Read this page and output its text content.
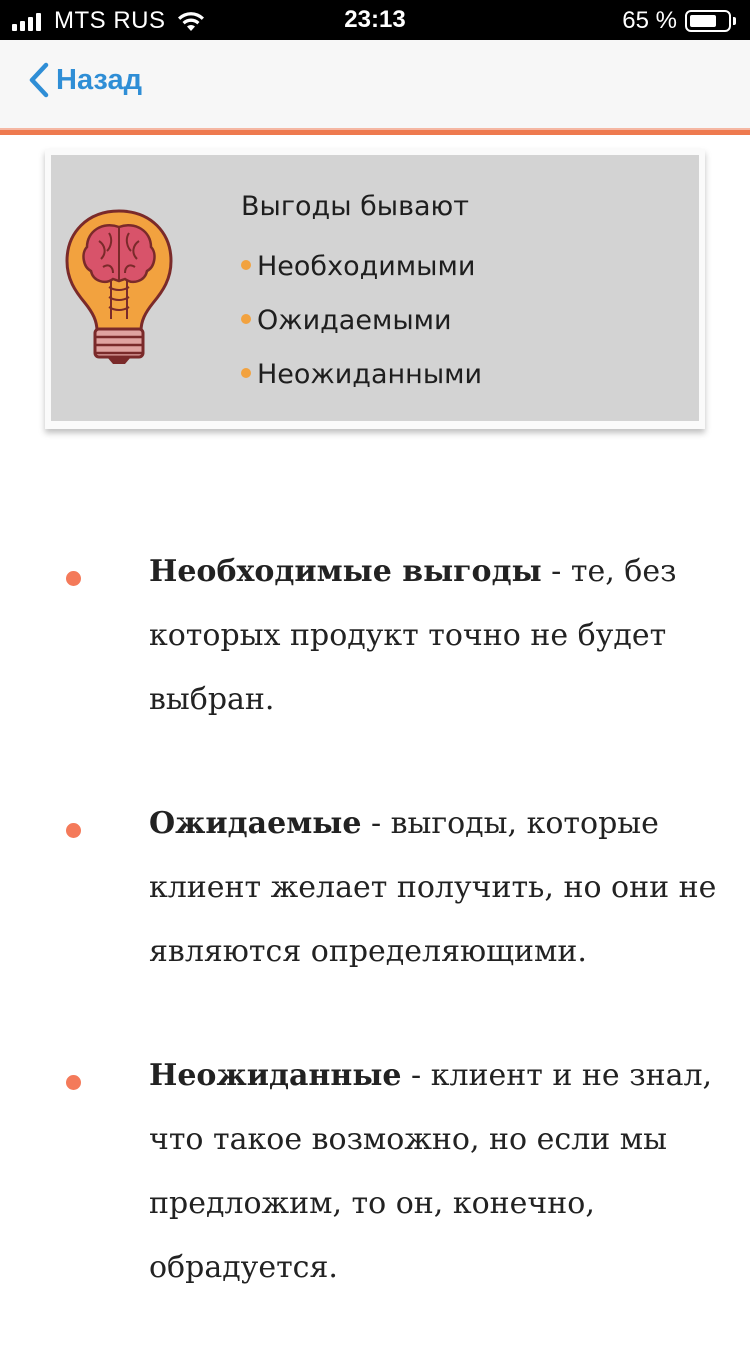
MTS RUS	23:13	65 %
Назад
Выгоды бывают
Необходимыми
Ожидаемыми
Неожиданными
Необходимые выгоды - те, без которых продукт точно не будет выбран.
Ожидаемые - выгоды, которые клиент желает получить, но они не являются определяющими.
Неожиданные - клиент и не знал, что такое возможно, но если мы предложим, то он, конечно, обрадуется.
